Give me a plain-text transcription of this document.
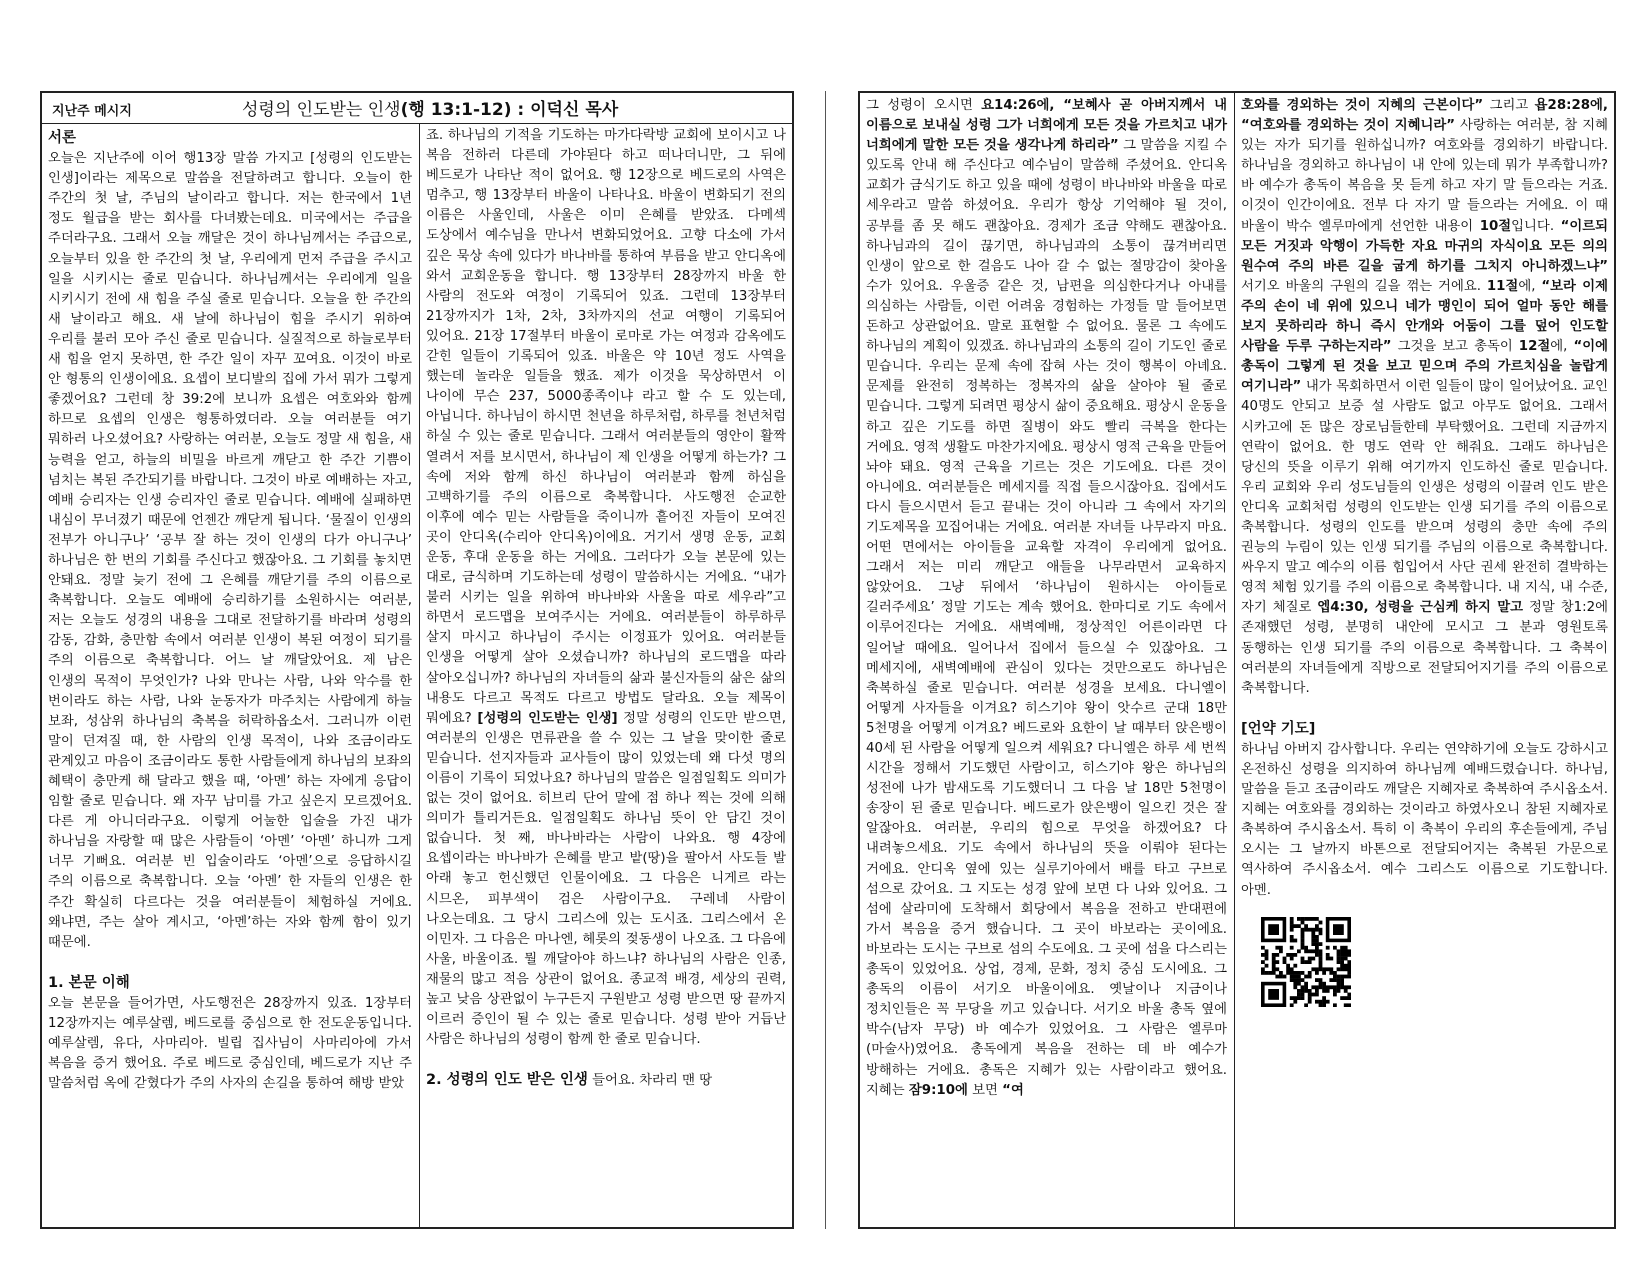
지난주 메시지	성령의 인도받는 인생(행 13:1-12) : 이덕신 목사
서론

오늘은 지난주에 이어 행13장 말씀 가지고 [성령의 인도받는 인생]이라는 제목으로 말씀을 전달하려고 합니다. 오늘이 한 주간의 첫 날, 주님의 날이라고 합니다. 저는 한국에서 1년 정도 월급을 받는 회사를 다녀봤는데요. 미국에서는 주급을 주더라구요. 그래서 오늘 깨달은 것이 하나님께서는 주급으로, 오늘부터 있을 한 주간의 첫 날, 우리에게 먼저 주급을 주시고 일을 시키시는 줄로 믿습니다. 하나님께서는 우리에게 일을 시키시기 전에 새 힘을 주실 줄로 믿습니다. 오늘을 한 주간의 새 날이라고 해요. 새 날에 하나님이 힘을 주시기 위하여 우리를 불러 모아 주신 줄로 믿습니다. 실질적으로 하늘로부터 새 힘을 얻지 못하면, 한 주간 일이 자꾸 꼬여요. 이것이 바로 안 형통의 인생이에요. 요셉이 보디발의 집에 가서 뭐가 그렇게 좋겠어요? 그런데 창 39:2에 보니까 요셉은 여호와와 함께 하므로 요셉의 인생은 형통하였더라. 오늘 여러분들 여기 뭐하러 나오셨어요? 사랑하는 여러분, 오늘도 정말 새 힘을, 새 능력을 얻고, 하늘의 비밀을 바르게 깨닫고 한 주간 기쁨이 넘치는 복된 주간되기를 바랍니다. 그것이 바로 예배하는 자고, 예배 승리자는 인생 승리자인 줄로 믿습니다. 예배에 실패하면 내심이 무너졌기 때문에 언젠간 깨닫게 됩니다. ‘물질이 인생의 전부가 아니구나’ ‘공부 잘 하는 것이 인생의 다가 아니구나’ 하나님은 한 번의 기회를 주신다고 했잖아요. 그 기회를 놓치면 안돼요. 정말 늦기 전에 그 은혜를 깨닫기를 주의 이름으로 축복합니다. 오늘도 예배에 승리하기를 소원하시는 여러분, 저는 오늘도 성경의 내용을 그대로 전달하기를 바라며 성령의 감동, 감화, 충만함 속에서 여러분 인생이 복된 여정이 되기를 주의 이름으로 축복합니다. 어느 날 깨달았어요. 제 남은 인생의 목적이 무엇인가? 나와 만나는 사람, 나와 악수를 한 번이라도 하는 사람, 나와 눈동자가 마주치는 사람에게 하늘 보좌, 성삼위 하나님의 축복을 허락하옵소서. 그러니까 이런 말이 던져질 때, 한 사람의 인생 목적이, 나와 조금이라도 관계있고 마음이 조금이라도 통한 사람들에게 하나님의 보좌의 혜택이 충만케 해 달라고 했을 때, ‘아멘’ 하는 자에게 응답이 임할 줄로 믿습니다. 왜 자꾸 남미를 가고 싶은지 모르겠어요. 다른 게 아니더라구요. 이렇게 어눌한 입술을 가진 내가 하나님을 자랑할 때 많은 사람들이 ‘아멘’ ‘아멘’ 하니까 그게 너무 기뻐요. 여러분 빈 입술이라도 ‘아멘’으로 응답하시길 주의 이름으로 축복합니다. 오늘 ‘아멘’ 한 자들의 인생은 한 주간 확실히 다르다는 것을 여러분들이 체험하실 거에요. 왜냐면, 주는 살아 계시고, ‘아멘’하는 자와 함께 함이 있기 때문에.

1. 본문 이해

오늘 본문을 들어가면, 사도행전은 28장까지 있죠. 1장부터 12장까지는 예루살렘, 베드로를 중심으로 한 전도운동입니다. 예루살렘, 유다, 사마리아. 빌립 집사님이 사마리아에 가서 복음을 증거 했어요. 주로 베드로 중심인데, 베드로가 지난 주 말씀처럼 옥에 갇혔다가 주의 사자의 손길을 통하여 해방 받았

죠. 하나님의 기적을 기도하는 마가다락방 교회에 보이시고 나 복음 전하러 다른데 가야된다 하고 떠나더니만, 그 뒤에 베드로가 나타난 적이 없어요. 행 12장으로 베드로의 사역은 멈추고, 행 13장부터 바울이 나타나요. 바울이 변화되기 전의 이름은 사울인데, 사울은 이미 은혜를 받았죠. 다메섹 도상에서 예수님을 만나서 변화되었어요. 고향 다소에 가서 깊은 묵상 속에 있다가 바나바를 통하여 부름을 받고 안디옥에 와서 교회운동을 합니다. 행 13장부터 28장까지 바울 한 사람의 전도와 여정이 기록되어 있죠. 그런데 13장부터 21장까지가 1차, 2차, 3차까지의 선교 여행이 기록되어 있어요. 21장 17절부터 바울이 로마로 가는 여정과 감옥에도 갇힌 일들이 기록되어 있죠. 바울은 약 10년 정도 사역을 했는데 놀라운 일들을 했죠. 제가 이것을 묵상하면서 이 나이에 무슨 237, 5000종족이냐 라고 할 수 도 있는데, 아닙니다. 하나님이 하시면 천년을 하루처럼, 하루를 천년처럼 하실 수 있는 줄로 믿습니다. 그래서 여러분들의 영안이 활짝 열려서 저를 보시면서, 하나님이 제 인생을 어떻게 하는가? 그 속에 저와 함께 하신 하나님이 여러분과 함께 하심을 고백하기를 주의 이름으로 축복합니다. 사도행전 순교한 이후에 예수 믿는 사람들을 죽이니까 흩어진 자들이 모여진 곳이 안디옥(수리아 안디옥)이에요. 거기서 생명 운동, 교회 운동, 후대 운동을 하는 거에요. 그러다가 오늘 본문에 있는 대로, 금식하며 기도하는데 성령이 말씀하시는 거에요. “내가 불러 시키는 일을 위하여 바나바와 사울을 따로 세우라”고 하면서 로드맵을 보여주시는 거에요. 여러분들이 하루하루 살지 마시고 하나님이 주시는 이정표가 있어요. 여러분들 인생을 어떻게 살아 오셨습니까? 하나님의 로드맵을 따라 살아오십니까? 하나님의 자녀들의 삶과 불신자들의 삶은 삶의 내용도 다르고 목적도 다르고 방법도 달라요. 오늘 제목이 뭐에요? [성령의 인도받는 인생] 정말 성령의 인도만 받으면, 여러분의 인생은 면류관을 쓸 수 있는 그 날을 맞이한 줄로 믿습니다. 선지자들과 교사들이 많이 있었는데 왜 다섯 명의 이름이 기록이 되었나요? 하나님의 말씀은 일점일획도 의미가 없는 것이 없어요. 히브리 단어 말에 점 하나 찍는 것에 의해 의미가 틀리거든요. 일점일획도 하나님 뜻이 안 담긴 것이 없습니다. 첫 째, 바나바라는 사람이 나와요. 행 4장에 요셉이라는 바나바가 은혜를 받고 밭(땅)을 팔아서 사도들 발 아래 놓고 헌신했던 인물이에요. 그 다음은 니게르 라는 시므온, 피부색이 검은 사람이구요. 구레네 사람이 나오는데요. 그 당시 그리스에 있는 도시죠. 그리스에서 온 이민자. 그 다음은 마나엔, 헤롯의 젖동생이 나오죠. 그 다음에 사울, 바울이죠. 뭘 깨달아야 하느냐? 하나님의 사람은 인종, 재물의 많고 적음 상관이 없어요. 종교적 배경, 세상의 권력, 높고 낮음 상관없이 누구든지 구원받고 성령 받으면 땅 끝까지 이르러 증인이 될 수 있는 줄로 믿습니다. 성령 받아 거듭난 사람은 하나님의 성령이 함께 한 줄로 믿습니다.

2. 성령의 인도 받은 인생 들어요. 차라리 맨 땅

그 성령이 오시면 요14:26에, “보혜사 곧 아버지께서 내 이름으로 보내실 성령 그가 너희에게 모든 것을 가르치고 내가 너희에게 말한 모든 것을 생각나게 하리라” 그 말씀을 지킬 수 있도록 안내 해 주신다고 예수님이 말씀해 주셨어요. 안디옥 교회가 금식기도 하고 있을 때에 성령이 바나바와 바울을 따로 세우라고 말씀 하셨어요. 우리가 항상 기억해야 될 것이, 공부를 좀 못 해도 괜찮아요. 경제가 조금 약해도 괜찮아요. 하나님과의 길이 끊기면, 하나님과의 소통이 끊겨버리면 인생이 앞으로 한 걸음도 나아 갈 수 없는 절망감이 찾아올 수가 있어요. 우울증 같은 것, 남편을 의심한다거나 아내를 의심하는 사람들, 이런 어려움 경험하는 가정들 말 들어보면 돈하고 상관없어요. 말로 표현할 수 없어요. 물론 그 속에도 하나님의 계획이 있겠죠. 하나님과의 소통의 길이 기도인 줄로 믿습니다. 우리는 문제 속에 잡혀 사는 것이 행복이 아녜요. 문제를 완전히 정복하는 정복자의 삶을 살아야 될 줄로 믿습니다. 그렇게 되려면 평상시 삶이 중요해요. 평상시 운동을 하고 깊은 기도를 하면 질병이 와도 빨리 극복을 한다는 거에요. 영적 생활도 마찬가지에요. 평상시 영적 근육을 만들어 놔야 돼요. 영적 근육을 기르는 것은 기도에요. 다른 것이 아니에요. 여러분들은 메세지를 직접 들으시잖아요. 집에서도 다시 들으시면서 듣고 끝내는 것이 아니라 그 속에서 자기의 기도제목을 꼬집어내는 거에요. 여러분 자녀들 나무라지 마요. 어떤 면에서는 아이들을 교육할 자격이 우리에게 없어요. 그래서 저는 미리 깨닫고 애들을 나무라면서 교육하지 않았어요. 그냥 뒤에서 ‘하나님이 원하시는 아이들로 길러주세요’ 정말 기도는 계속 했어요. 한마디로 기도 속에서 이루어진다는 거에요. 새벽예배, 정상적인 어른이라면 다 일어날 때에요. 일어나서 집에서 들으실 수 있잖아요. 그 메세지에, 새벽예배에 관심이 있다는 것만으로도 하나님은 축복하실 줄로 믿습니다. 여러분 성경을 보세요. 다니엘이 어떻게 사자들을 이겨요? 히스기야 왕이 앗수르 군대 18만 5천명을 어떻게 이겨요? 베드로와 요한이 날 때부터 앉은뱅이 40세 된 사람을 어떻게 일으켜 세워요? 다니엘은 하루 세 번씩 시간을 정해서 기도했던 사람이고, 히스기야 왕은 하나님의 성전에 나가 밤새도록 기도했더니 그 다음 날 18만 5천명이 송장이 된 줄로 믿습니다. 베드로가 앉은뱅이 일으킨 것은 잘 알잖아요. 여러분, 우리의 힘으로 무엇을 하겠어요? 다 내려놓으세요. 기도 속에서 하나님의 뜻을 이뤄야 된다는 거에요. 안디옥 옆에 있는 실루기아에서 배를 타고 구브로 섬으로 갔어요. 그 지도는 성경 앞에 보면 다 나와 있어요. 그 섬에 살라미에 도착해서 회당에서 복음을 전하고 반대편에 가서 복음을 증거 했습니다. 그 곳이 바보라는 곳이에요. 바보라는 도시는 구브로 섬의 수도에요. 그 곳에 섬을 다스리는 총독이 있었어요. 상업, 경제, 문화, 정치 중심 도시에요. 그 총독의 이름이 서기오 바울이에요. 옛날이나 지금이나 정치인들은 꼭 무당을 끼고 있습니다. 서기오 바울 총독 옆에 박수(남자 무당) 바 예수가 있었어요. 그 사람은 엘루마(마술사)였어요. 총독에게 복음을 전하는 데 바 예수가 방해하는 거에요. 총독은 지혜가 있는 사람이라고 했어요. 지혜는 잠9:10에 보면 “여

호와를 경외하는 것이 지혜의 근본이다” 그리고 욥28:28에, “여호와를 경외하는 것이 지혜니라” 사랑하는 여러분, 참 지혜 있는 자가 되기를 원하십니까? 여호와를 경외하기 바랍니다. 하나님을 경외하고 하나님이 내 안에 있는데 뭐가 부족합니까? 바 예수가 총독이 복음을 못 듣게 하고 자기 말 들으라는 거죠. 이것이 인간이에요. 전부 다 자기 말 들으라는 거에요. 이 때 바울이 박수 엘루마에게 선언한 내용이 10절입니다. “이르되 모든 거짓과 악행이 가득한 자요 마귀의 자식이요 모든 의의 원수여 주의 바른 길을 굽게 하기를 그치지 아니하겠느냐” 서기오 바울의 구원의 길을 꺾는 거에요. 11절에, “보라 이제 주의 손이 네 위에 있으니 네가 맹인이 되어 얼마 동안 해를 보지 못하리라 하니 즉시 안개와 어둠이 그를 덮어 인도할 사람을 두루 구하는지라” 그것을 보고 총독이 12절에, “이에 총독이 그렇게 된 것을 보고 믿으며 주의 가르치심을 놀랍게 여기니라” 내가 목회하면서 이런 일들이 많이 일어났어요. 교인 40명도 안되고 보증 설 사람도 없고 아무도 없어요. 그래서 시카고에 돈 많은 장로님들한테 부탁했어요. 그런데 지금까지 연락이 없어요. 한 명도 연락 안 해줘요. 그래도 하나님은 당신의 뜻을 이루기 위해 여기까지 인도하신 줄로 믿습니다. 우리 교회와 우리 성도님들의 인생은 성령의 이끌려 인도 받은 안디옥 교회처럼 성령의 인도받는 인생 되기를 주의 이름으로 축복합니다. 성령의 인도를 받으며 성령의 충만 속에 주의 권능의 누림이 있는 인생 되기를 주님의 이름으로 축복합니다. 싸우지 말고 예수의 이름 힘입어서 사단 권세 완전히 결박하는 영적 체험 있기를 주의 이름으로 축복합니다. 내 지식, 내 수준, 자기 체질로 엡4:30, 성령을 근심케 하지 말고 정말 창1:2에 존재했던 성령, 분명히 내안에 모시고 그 분과 영원토록 동행하는 인생 되기를 주의 이름으로 축복합니다. 그 축복이 여러분의 자녀들에게 직방으로 전달되어지기를 주의 이름으로 축복합니다.

[언약 기도]

하나님 아버지 감사합니다. 우리는 연약하기에 오늘도 강하시고 온전하신 성령을 의지하여 하나님께 예배드렸습니다. 하나님, 말씀을 듣고 조금이라도 깨달은 지혜자로 축복하여 주시옵소서. 지혜는 여호와를 경외하는 것이라고 하였사오니 참된 지혜자로 축복하여 주시옵소서. 특히 이 축복이 우리의 후손들에게, 주님 오시는 그 날까지 바톤으로 전달되어지는 축복된 가문으로 역사하여 주시옵소서. 예수 그리스도 이름으로 기도합니다. 아멘.
